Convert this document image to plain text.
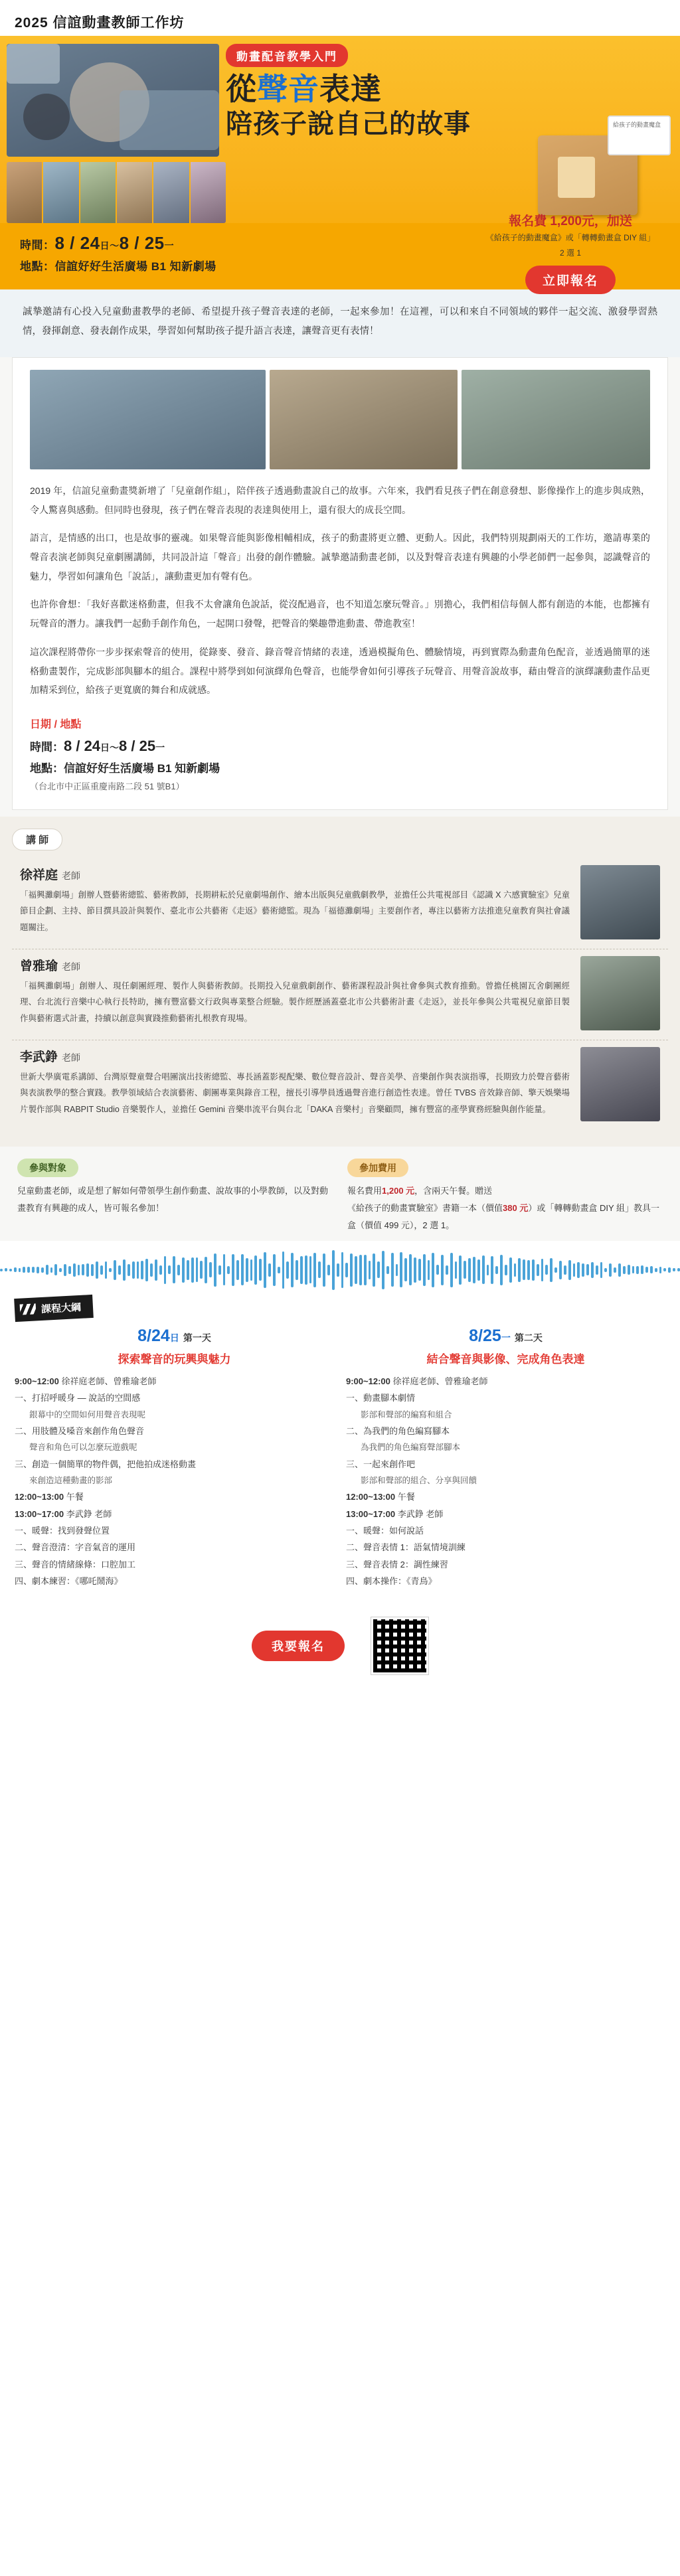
2025 信誼動畫教師工作坊
動畫配音教學入門
從聲音表達
陪孩子說自己的故事	給孩子的動畫魔盒
時間：8 / 24日～8 / 25一
地點：信誼好好生活廣場 B1 知新劇場
報名費 1,200元，加送
《給孩子的動畫魔盒》或「轉轉動畫盒 DIY 組」
2 選 1
立即報名
誠摯邀請有心投入兒童動畫教學的老師、希望提升孩子聲音表達的老師，一起來參加！在這裡，可以和來自不同領域的夥伴一起交流、激發學習熱情，發揮創意、發表創作成果，學習如何幫助孩子提升語言表達，讓聲音更有表情！

2019 年，信誼兒童動畫獎新增了「兒童創作組」，陪伴孩子透過動畫說自己的故事。六年來，我們看見孩子們在創意發想、影像操作上的進步與成熟，令人驚喜與感動。但同時也發現，孩子們在聲音表現的表達與使用上，還有很大的成長空間。

語言，是情感的出口，也是故事的靈魂。如果聲音能與影像相輔相成，孩子的動畫將更立體、更動人。因此，我們特別規劃兩天的工作坊，邀請專業的聲音表演老師與兒童劇團講師，共同設計這「聲音」出發的創作體驗。誠摯邀請動畫老師，以及對聲音表達有興趣的小學老師們一起參與，認識聲音的魅力，學習如何讓角色「說話」，讓動畫更加有聲有色。

也許你會想：「我好喜歡迷格動畫，但我不太會讓角色說話，從沒配過音，也不知道怎麼玩聲音。」別擔心，我們相信每個人都有創造的本能，也都擁有玩聲音的潛力。讓我們一起動手創作角色，一起開口發聲，把聲音的樂趣帶進動畫、帶進教室！

這次課程將帶你一步步探索聲音的使用，從錄麥、發音、錄音聲音情緒的表達，透過模擬角色、體驗情境，再到實際為動畫角色配音，並透過簡單的迷格動畫製作，完成影部與腳本的組合。課程中將學到如何演繹角色聲音，也能學會如何引導孩子玩聲音、用聲音說故事，藉由聲音的演繹讓動畫作品更加精采到位，給孩子更寬廣的舞台和成就感。

日期 / 地點
時間：8 / 24日～8 / 25一
地點：信誼好好生活廣場 B1 知新劇場
（台北市中正區重慶南路二段 51 號B1）
講 師
徐祥庭 老師
「福興灘劇場」創辦人暨藝術總監、藝術教師，長期耕耘於兒童劇場創作、繪本出版與兒童戲劇教學，並擔任公共電視部目《認識 X 六感實驗室》兒童節目企劃、主持、節目撰具設計與製作、臺北市公共藝術《走返》藝術總監。現為「福德灘劇場」主要創作者，專注以藝術方法推進兒童教育與社會議題關注。
曾雅瑜 老師
「福興灘劇場」創辦人、現任劇團經理、製作人與藝術教師。長期投入兒童戲劇創作、藝術課程設計與社會參與式教育推動。曾擔任桃園瓦舍劇團經理、台北流行音樂中心執行長特助，擁有豐富藝文行政與專業整合經驗。製作經歷涵蓋臺北市公共藝術計畫《走返》，並長年參與公共電視兒童節目製作與藝術選式計畫，持續以創意與實踐推動藝術扎根教育現場。
李武錚 老師
世新大學廣電系講師、台灣原聲童聲合唱團演出技術總監、專長涵蓋影視配樂、數位聲音設計、聲音美學、音樂創作與表演指導，長期致力於聲音藝術與表演教學的整合實踐。教學領域結合表演藝術、劇團專業與錄音工程，擅長引導學員透過聲音進行創造性表達。曾任 TVBS 音效錄音師、擎天娛樂場片製作部與 RABPIT Studio 音樂製作人，並擔任 Gemini 音樂串流平台與台北「DAKA 音樂村」音樂顧問，擁有豐富的產學實務經驗與創作能量。
參與對象
兒童動畫老師，或是想了解如何帶領學生創作動畫、說故事的小學教師，以及對動畫教育有興趣的成人，皆可報名參加！
參加費用
報名費用1,200 元，含兩天午餐。贈送
《給孩子的動畫實驗室》書籍一本（價值380 元）或「轉轉動畫盒 DIY 組」教具一
盒（價值 499 元），2 選 1。
課程大綱
8/24日 第一天
探索聲音的玩興與魅力
9:00~12:00 徐祥庭老師、曾雅瑜老師
一、打招呼暖身 — 說話的空間感
銀幕中的空間如何用聲音表現呢
二、用肢體及嗓音來創作角色聲音
聲音和角色可以怎麼玩遊戲呢
三、創造一個簡單的物件偶，把他拍成迷格動畫
來創造這種動畫的影部
12:00~13:00 午餐
13:00~17:00 李武錚 老師
一、暖聲：找到發聲位置
二、聲音澄清：字音氣音的運用
三、聲音的情緒線條：口腔加工
四、劇本練習：《哪吒鬧海》
8/25一 第二天
結合聲音與影像、完成角色表達
9:00~12:00 徐祥庭老師、曾雅瑜老師
一、動畫腳本劇情
影部和聲部的編寫和組合
二、為我們的角色編寫腳本
為我們的角色編寫聲部腳本
三、一起來創作吧
影部和聲部的組合、分享與回饋
12:00~13:00 午餐
13:00~17:00 李武錚 老師
一、暖聲：如何說話
二、聲音表情 1：語氣情境訓練
三、聲音表情 2：調性練習
四、劇本操作：《青鳥》
我要報名
